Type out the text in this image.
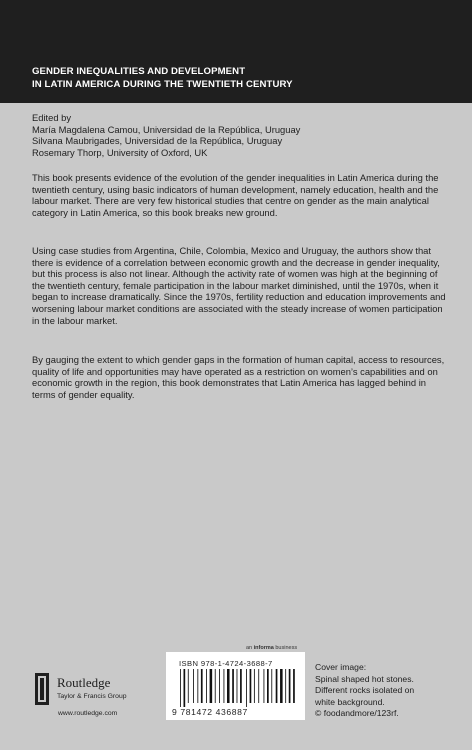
GENDER INEQUALITIES AND DEVELOPMENT
IN LATIN AMERICA DURING THE TWENTIETH CENTURY
Edited by
María Magdalena Camou, Universidad de la República, Uruguay
Silvana Maubrigades, Universidad de la República, Uruguay
Rosemary Thorp, University of Oxford, UK

This book presents evidence of the evolution of the gender inequalities in Latin America during the twentieth century, using basic indicators of human development, namely education, health and the labour market. There are very few historical studies that centre on gender as the main analytical category in Latin America, so this book breaks new ground.

Using case studies from Argentina, Chile, Colombia, Mexico and Uruguay, the authors show that there is evidence of a correlation between economic growth and the decrease in gender inequality, but this process is also not linear. Although the activity rate of women was high at the beginning of the twentieth century, female participation in the labour market diminished, until the 1970s, when it began to increase dramatically. Since the 1970s, fertility reduction and education improvements and worsening labour market conditions are associated with the steady increase of women participation in the labour market.

By gauging the extent to which gender gaps in the formation of human capital, access to resources, quality of life and opportunities may have operated as a restriction on women’s capabilities and on economic growth in the region, this book demonstrates that Latin America has lagged behind in terms of gender equality.

an informa business
ISBN 978-1-4724-3688-7
9 781472 436887
Cover image:
Spinal shaped hot stones.
Different rocks isolated on
white background.
© foodandmore/123rf.
Routledge
Taylor & Francis Group
www.routledge.com
